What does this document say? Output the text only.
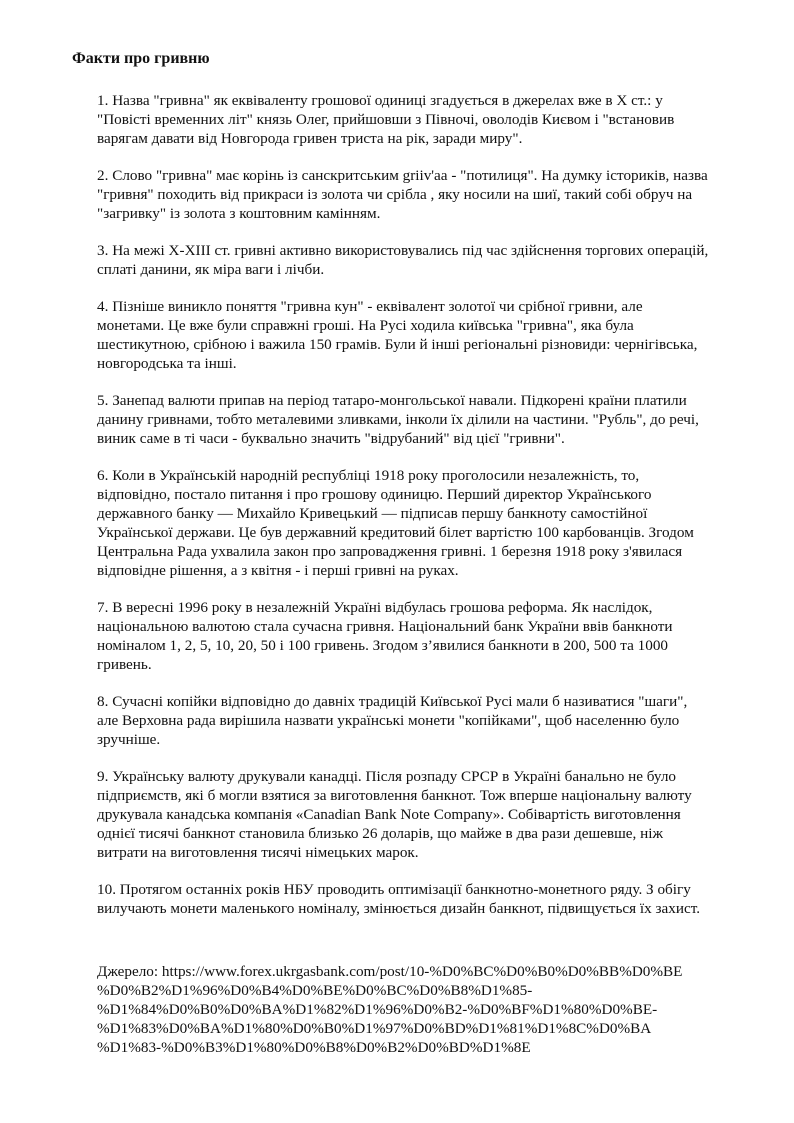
Факти про гривню
1. Назва "гривна" як еквіваленту грошової одиниці згадується в джерелах вже в X ст.: у
"Повісті временних літ" князь Олег, прийшовши з Півночі, оволодів Києвом і "встановив
варягам давати від Новгорода гривен триста на рік, заради миру".
2. Слово "гривна" має корінь із санскритським griiv'aa - "потилиця". На думку істориків, назва
"гривня" походить від прикраси із золота чи срібла , яку носили на шиї, такий собі обруч на
"загривку" із золота з коштовним камінням.
3. На межі X-XIII ст. гривні активно використовувались під час здійснення торгових операцій,
сплаті данини, як міра ваги і лічби.
4. Пізніше виникло поняття "гривна кун" - еквівалент золотої чи срібної гривни, але
монетами. Це вже були справжні гроші. На Русі ходила київська "гривна", яка була
шестикутною, срібною і важила 150 грамів. Були й інші регіональні різновиди: чернігівська,
новгородська та інші.
5. Занепад валюти припав на період татаро-монгольської навали. Підкорені країни платили
данину гривнами, тобто металевими зливками, інколи їх ділили на частини. "Рубль", до речі,
виник саме в ті часи - буквально значить "відрубаний" від цієї "гривни".
6. Коли в Українській народній республіці 1918 року проголосили незалежність, то,
відповідно, постало питання і про грошову одиницю. Перший директор Українського
державного банку — Михайло Кривецький — підписав першу банкноту самостійної
Української держави. Це був державний кредитовий білет вартістю 100 карбованців. Згодом
Центральна Рада ухвалила закон про запровадження гривні. 1 березня 1918 року з'явилася
відповідне рішення, а з квітня - і перші гривні на руках.
7. В вересні 1996 року в незалежній Україні відбулась грошова реформа. Як наслідок,
національною валютою стала сучасна гривня. Національний банк України ввів банкноти
номіналом 1, 2, 5, 10, 20, 50 і 100 гривень. Згодом з’явилися банкноти в 200, 500 та 1000
гривень.
8. Сучасні копійки відповідно до давніх традицій Київської Русі мали б називатися "шаги",
але Верховна рада вирішила назвати українські монети "копійками", щоб населенню було
зручніше.
9. Українську валюту друкували канадці. Після розпаду СРСР в Україні банально не було
підприємств, які б могли взятися за виготовлення банкнот. Тож вперше національну валюту
друкувала канадська компанія «Canadian Bank Note Company». Собівартість виготовлення
однієї тисячі банкнот становила близько 26 доларів, що майже в два рази дешевше, ніж
витрати на виготовлення тисячі німецьких марок.
10. Протягом останніх років НБУ проводить оптимізації банкнотно-монетного ряду. З обігу
вилучають монети маленького номіналу, змінюється дизайн банкнот, підвищується їх захист.
Джерело: https://www.forex.ukrgasbank.com/post/10-%D0%BC%D0%B0%D0%BB%D0%BE
%D0%B2%D1%96%D0%B4%D0%BE%D0%BC%D0%B8%D1%85-
%D1%84%D0%B0%D0%BA%D1%82%D1%96%D0%B2-%D0%BF%D1%80%D0%BE-
%D1%83%D0%BA%D1%80%D0%B0%D1%97%D0%BD%D1%81%D1%8C%D0%BA
%D1%83-%D0%B3%D1%80%D0%B8%D0%B2%D0%BD%D1%8E
